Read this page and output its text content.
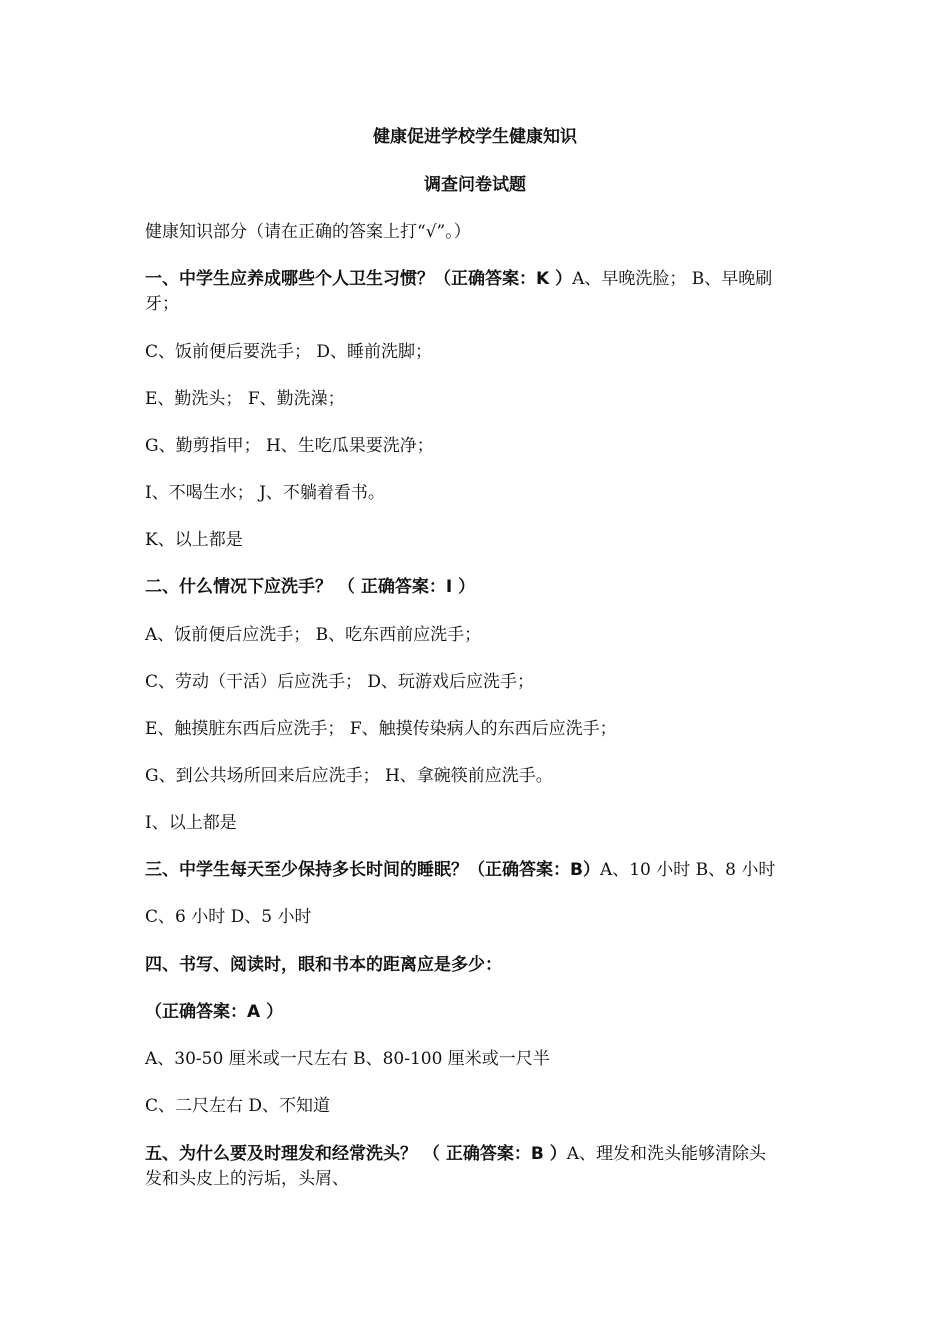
健康促进学校学生健康知识
调查问卷试题
健康知识部分（请在正确的答案上打“√”。）
一、中学生应养成哪些个人卫生习惯？（正确答案：K ）A、早晚洗脸； B、早晚刷
牙；
C、饭前便后要洗手； D、睡前洗脚；
E、勤洗头； F、勤洗澡；
G、勤剪指甲； H、生吃瓜果要洗净；
I、不喝生水； J、不躺着看书。
K、以上都是
二、什么情况下应洗手？ （ 正确答案：I ）
A、饭前便后应洗手； B、吃东西前应洗手；
C、劳动（干活）后应洗手； D、玩游戏后应洗手；
E、触摸脏东西后应洗手； F、触摸传染病人的东西后应洗手；
G、到公共场所回来后应洗手； H、拿碗筷前应洗手。
I、以上都是
三、中学生每天至少保持多长时间的睡眠？（正确答案：B）A、10 小时 B、8 小时
C、6 小时 D、5 小时
四、书写、阅读时，眼和书本的距离应是多少：
（正确答案：A ）
A、30-50 厘米或一尺左右 B、80-100 厘米或一尺半
C、二尺左右 D、不知道
五、为什么要及时理发和经常洗头？ （ 正确答案：B ）A、理发和洗头能够清除头
发和头皮上的污垢，头屑、
